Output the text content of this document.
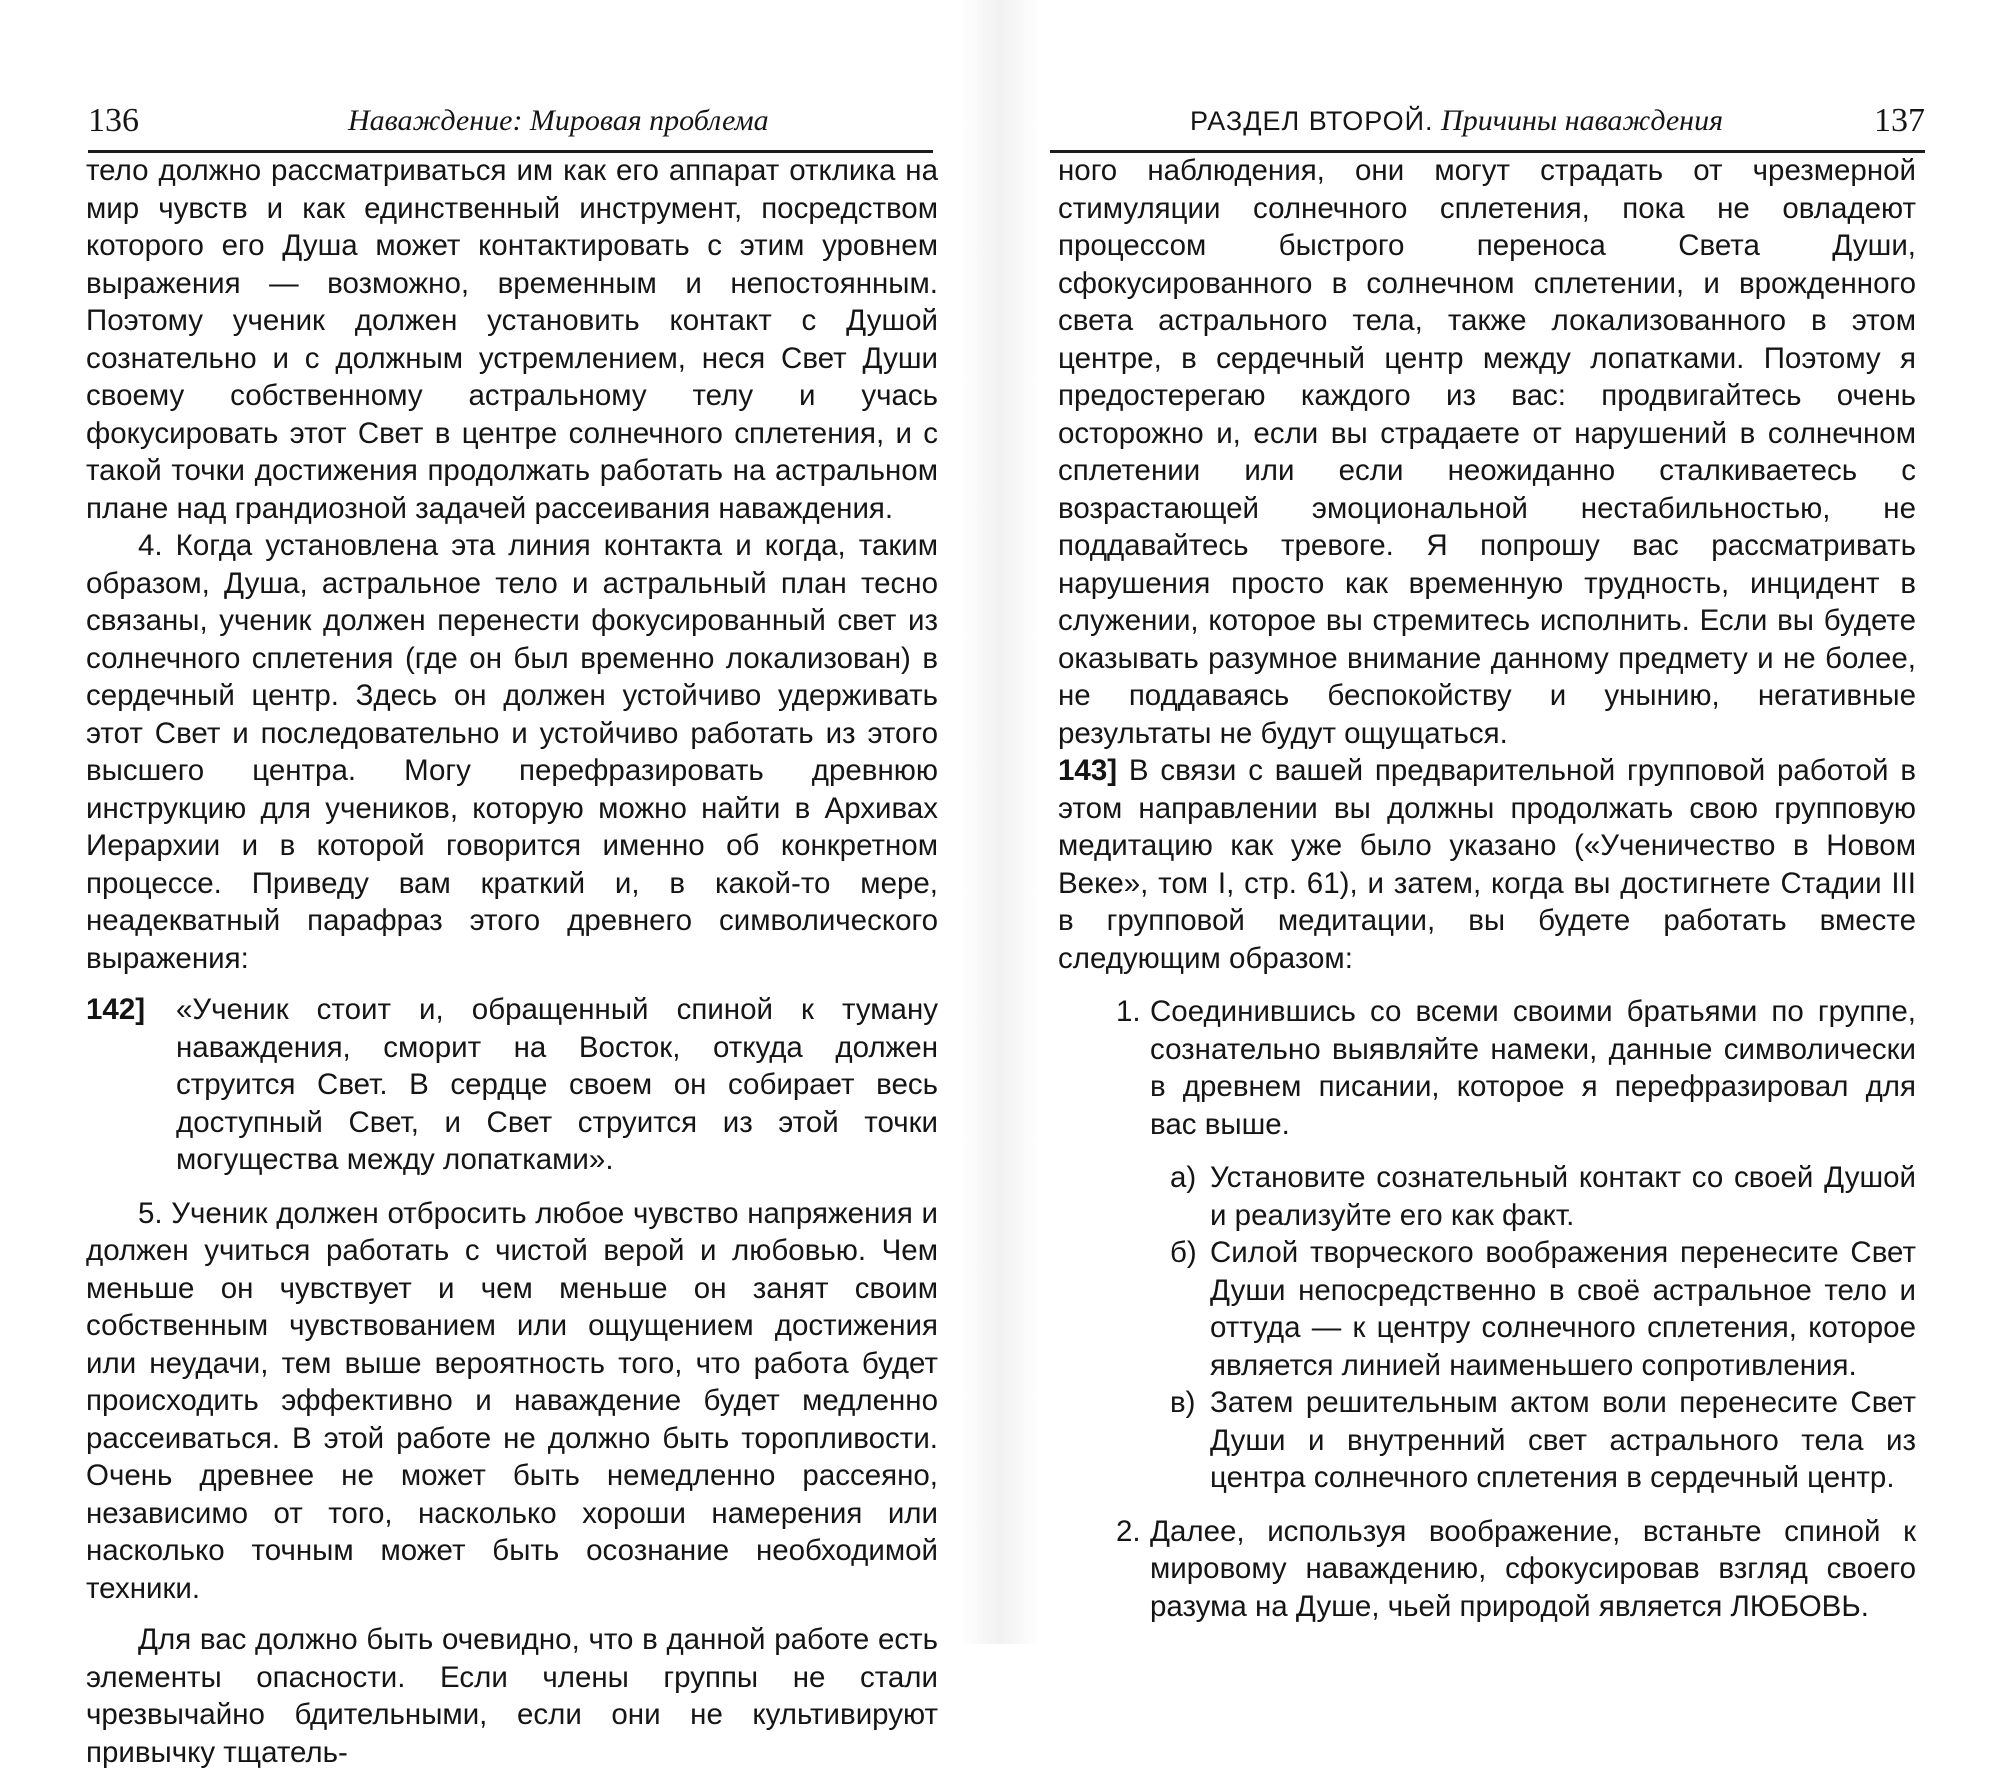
136	Наваждение: Мировая проблема

тело должно рассматриваться им как его аппарат отклика на мир чувств и как единственный инструмент, посредством которого его Душа может контактировать с этим уровнем выражения — возможно, временным и непостоянным. Поэтому ученик должен установить контакт с Душой сознательно и с должным устремлением, неся Свет Души своему собственному астральному телу и учась фокусировать этот Свет в центре солнечного сплетения, и с такой точки достижения продолжать работать на астральном плане над грандиозной задачей рассеивания наваждения.

4. Когда установлена эта линия контакта и когда, таким образом, Душа, астральное тело и астральный план тесно связаны, ученик должен перенести фокусированный свет из солнечного сплетения (где он был временно локализован) в сердечный центр. Здесь он должен устойчиво удерживать этот Свет и последовательно и устойчиво работать из этого высшего центра. Могу перефразировать древнюю инструкцию для учеников, которую можно найти в Архивах Иерархии и в которой говорится именно об конкретном процессе. Приведу вам краткий и, в какой-то мере, неадекватный парафраз этого древнего символического выражения:

142]	«Ученик стоит и, обращенный спиной к туману наваждения, сморит на Восток, откуда должен струится Свет. В сердце своем он собирает весь доступный Свет, и Свет струится из этой точки могущества между лопатками».

5. Ученик должен отбросить любое чувство напряжения и должен учиться работать с чистой верой и любовью. Чем меньше он чувствует и чем меньше он занят своим собственным чувствованием или ощущением достижения или неудачи, тем выше вероятность того, что работа будет происходить эффективно и наваждение будет медленно рассеиваться. В этой работе не должно быть торопливости. Очень древнее не может быть немедленно рассеяно, независимо от того, насколько хороши намерения или насколько точным может быть осознание необходимой техники.

Для вас должно быть очевидно, что в данной работе есть элементы опасности. Если члены группы не стали чрезвычайно бдительными, если они не культивируют привычку тщатель-

РАЗДЕЛ ВТОРОЙ. Причины наваждения	137

ного наблюдения, они могут страдать от чрезмерной стимуляции солнечного сплетения, пока не овладеют процессом быстрого переноса Света Души, сфокусированного в солнечном сплетении, и врожденного света астрального тела, также локализованного в этом центре, в сердечный центр между лопатками. Поэтому я предостерегаю каждого из вас: продвигайтесь очень осторожно и, если вы страдаете от нарушений в солнечном сплетении или если неожиданно сталкиваетесь с возрастающей эмоциональной нестабильностью, не поддавайтесь тревоге. Я попрошу вас рассматривать нарушения просто как временную трудность, инцидент в служении, которое вы стремитесь исполнить. Если вы будете оказывать разумное внимание данному предмету и не более, не поддаваясь беспокойству и унынию, негативные результаты не будут ощущаться.

143] В связи с вашей предварительной групповой работой в этом направлении вы должны продолжать свою групповую медитацию как уже было указано («Ученичество в Новом Веке», том I, стр. 61), и затем, когда вы достигнете Стадии III в групповой медитации, вы будете работать вместе следующим образом:

1. Соединившись со всеми своими братьями по группе, сознательно выявляйте намеки, данные символически в древнем писании, которое я перефразировал для вас выше.
а) Установите сознательный контакт со своей Душой и реализуйте его как факт.
б) Силой творческого воображения перенесите Свет Души непосредственно в своё астральное тело и оттуда — к центру солнечного сплетения, которое является линией наименьшего сопротивления.
в) Затем решительным актом воли перенесите Свет Души и внутренний свет астрального тела из центра солнечного сплетения в сердечный центр.
2. Далее, используя воображение, встаньте спиной к мировому наваждению, сфокусировав взгляд своего разума на Душе, чьей природой является ЛЮБОВЬ.
